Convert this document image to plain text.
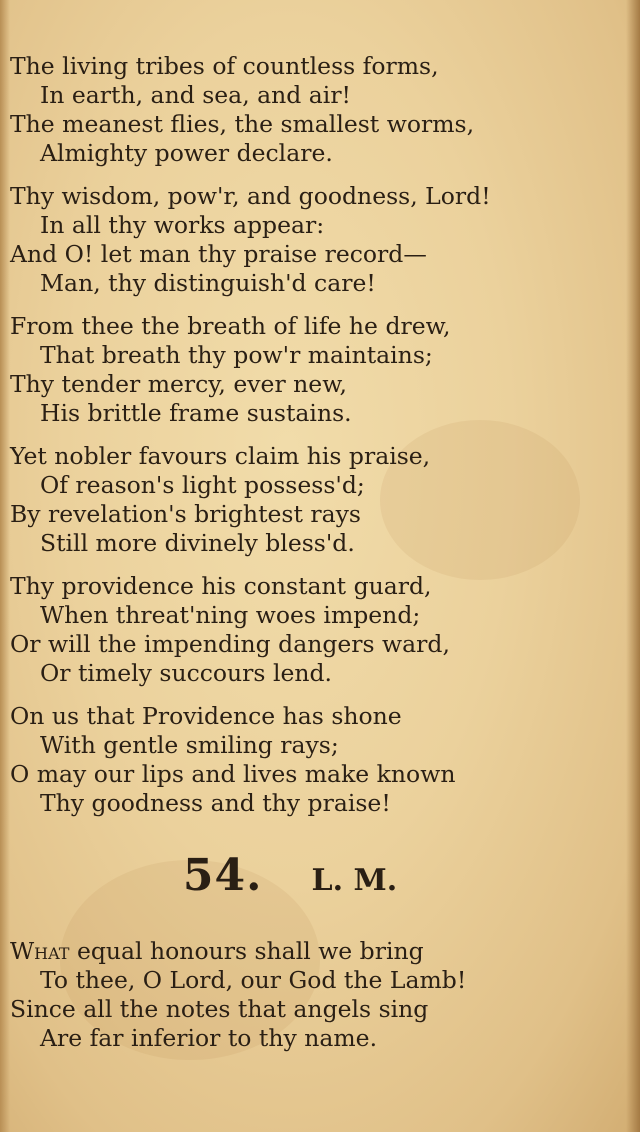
The living tribes of countless forms,
In earth, and sea, and air!
The meanest flies, the smallest worms,
Almighty power declare.
Thy wisdom, pow'r, and goodness, Lord!
In all thy works appear:
And O! let man thy praise record—
Man, thy distinguish'd care!
From thee the breath of life he drew,
That breath thy pow'r maintains;
Thy tender mercy, ever new,
His brittle frame sustains.
Yet nobler favours claim his praise,
Of reason's light possess'd;
By revelation's brightest rays
Still more divinely bless'd.
Thy providence his constant guard,
When threat'ning woes impend;
Or will the impending dangers ward,
Or timely succours lend.
On us that Providence has shone
With gentle smiling rays;
O may our lips and lives make known
Thy goodness and thy praise!
54. L. M.
What equal honours shall we bring
To thee, O Lord, our God the Lamb!
Since all the notes that angels sing
Are far inferior to thy name.
